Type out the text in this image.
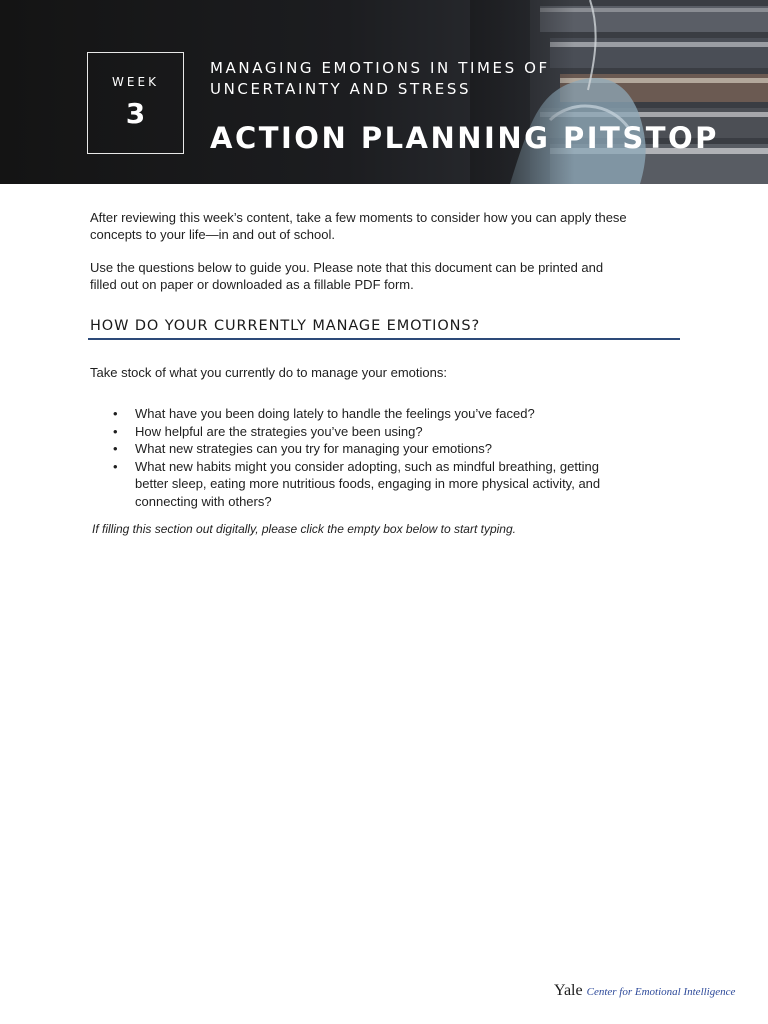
WEEK
3
MANAGING EMOTIONS IN TIMES OF
UNCERTAINTY AND STRESS
ACTION PLANNING PITSTOP

After reviewing this week’s content, take a few moments to consider how you can apply these
concepts to your life—in and out of school.

Use the questions below to guide you. Please note that this document can be printed and
filled out on paper or downloaded as a fillable PDF form.

HOW DO YOUR CURRENTLY MANAGE EMOTIONS?
Take stock of what you currently do to manage your emotions:
• What have you been doing lately to handle the feelings you’ve faced?
• How helpful are the strategies you’ve been using?
• What new strategies can you try for managing your emotions?
• What new habits might you consider adopting, such as mindful breathing, getting
better sleep, eating more nutritious foods, engaging in more physical activity, and
connecting with others?
If filling this section out digitally, please click the empty box below to start typing.
Yale Center for Emotional Intelligence
